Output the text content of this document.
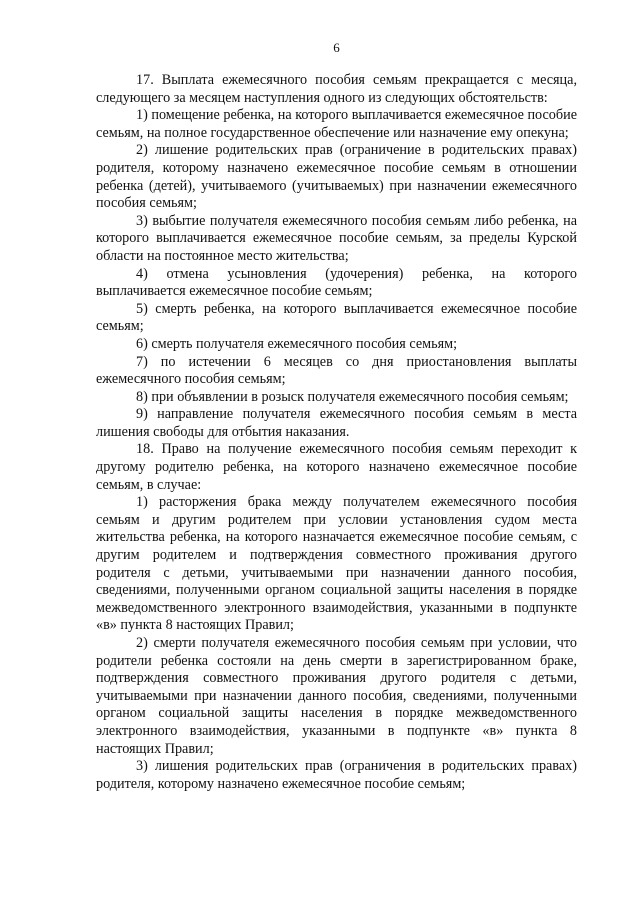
6

17. Выплата ежемесячного пособия семьям прекращается с месяца, следующего за месяцем наступления одного из следующих обстоятельств:

1) помещение ребенка, на которого выплачивается ежемесячное пособие семьям, на полное государственное обеспечение или назначение ему опекуна;

2) лишение родительских прав (ограничение в родительских правах) родителя, которому назначено ежемесячное пособие семьям в отношении ребенка (детей), учитываемого (учитываемых) при назначении ежемесячного пособия семьям;

3) выбытие получателя ежемесячного пособия семьям либо ребенка, на которого выплачивается ежемесячное пособие семьям, за пределы Курской области на постоянное место жительства;

4) отмена усыновления (удочерения) ребенка, на которого выплачивается ежемесячное пособие семьям;

5) смерть ребенка, на которого выплачивается ежемесячное пособие семьям;

6) смерть получателя ежемесячного пособия семьям;

7) по истечении 6 месяцев со дня приостановления выплаты ежемесячного пособия семьям;

8) при объявлении в розыск получателя ежемесячного пособия семьям;

9) направление получателя ежемесячного пособия семьям в места лишения свободы для отбытия наказания.

18. Право на получение ежемесячного пособия семьям переходит к другому родителю ребенка, на которого назначено ежемесячное пособие семьям, в случае:

1) расторжения брака между получателем ежемесячного пособия семьям и другим родителем при условии установления судом места жительства ребенка, на которого назначается ежемесячное пособие семьям, с другим родителем и подтверждения совместного проживания другого родителя с детьми, учитываемыми при назначении данного пособия, сведениями, полученными органом социальной защиты населения в порядке межведомственного электронного взаимодействия, указанными в подпункте «в» пункта 8 настоящих Правил;

2) смерти получателя ежемесячного пособия семьям при условии, что родители ребенка состояли на день смерти в зарегистрированном браке, подтверждения совместного проживания другого родителя с детьми, учитываемыми при назначении данного пособия, сведениями, полученными органом социальной защиты населения в порядке межведомственного электронного взаимодействия, указанными в подпункте «в» пункта 8 настоящих Правил;

3) лишения родительских прав (ограничения в родительских правах) родителя, которому назначено ежемесячное пособие семьям;
